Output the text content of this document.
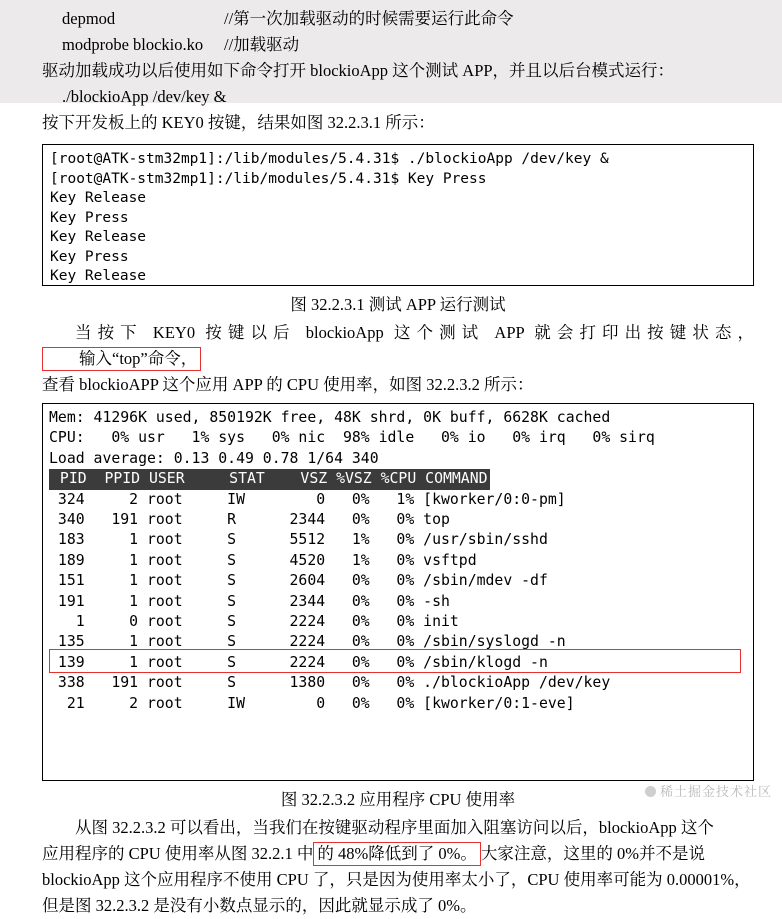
depmod	//第一次加载驱动的时候需要运行此命令
modprobe blockio.ko	//加载驱动
驱动加载成功以后使用如下命令打开 blockioApp 这个测试 APP，并且以后台模式运行：
./blockioApp /dev/key &
按下开发板上的 KEY0 按键，结果如图 32.2.3.1 所示：
[root@ATK-stm32mp1]:/lib/modules/5.4.31$ ./blockioApp /dev/key &
[root@ATK-stm32mp1]:/lib/modules/5.4.31$ Key Press
Key Release
Key Press
Key Release
Key Press
Key Release
图 32.2.3.1 测试 APP 运行测试
当按下 KEY0 按键以后 blockioApp 这个测试 APP 就会打印出按键状态，输入“top”命令，
查看 blockioAPP 这个应用 APP 的 CPU 使用率，如图 32.2.3.2 所示：
Mem: 41296K used, 850192K free, 48K shrd, 0K buff, 6628K cached
CPU:   0% usr   1% sys   0% nic  98% idle   0% io   0% irq   0% sirq
Load average: 0.13 0.49 0.78 1/64 340
PID  PPID USER     STAT    VSZ %VSZ %CPU COMMAND

324     2 root     IW        0   0%   1% [kworker/0:0-pm]
340   191 root     R      2344   0%   0% top
183     1 root     S      5512   1%   0% /usr/sbin/sshd
189     1 root     S      4520   1%   0% vsftpd
151     1 root     S      2604   0%   0% /sbin/mdev -df
191     1 root     S      2344   0%   0% -sh
1     0 root     S      2224   0%   0% init
135     1 root     S      2224   0%   0% /sbin/syslogd -n
139     1 root     S      2224   0%   0% /sbin/klogd -n
338   191 root     S      1380   0%   0% ./blockioApp /dev/key
21     2 root     IW        0   0%   0% [kworker/0:1-eve]

图 32.2.3.2 应用程序 CPU 使用率
从图 32.2.3.2 可以看出，当我们在按键驱动程序里面加入阻塞访问以后，blockioApp 这个
应用程序的 CPU 使用率从图 32.2.1 中 的 48%降低到了 0%。 大家注意，这里的 0%并不是说
blockioApp 这个应用程序不使用 CPU 了，只是因为使用率太小了，CPU 使用率可能为 0.00001%，
但是图 32.2.3.2 是没有小数点显示的，因此就显示成了 0%。
稀土掘金技术社区
